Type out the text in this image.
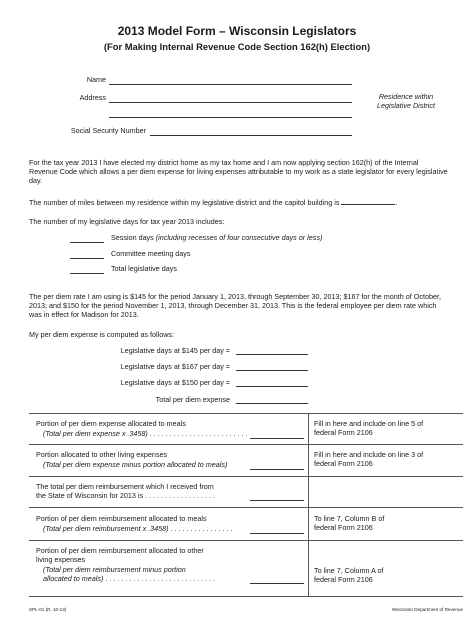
2013 Model Form – Wisconsin Legislators
(For Making Internal Revenue Code Section 162(h) Election)
Name
Address	Residence within
Legislative District
Social Security Number
For the tax year 2013 I have elected my district home as my tax home and I am now applying section 162(h) of the Internal Revenue Code which allows a per diem expense for living expenses attributable to my work as a state legislator for every legislative day.
The number of miles between my residence within my legislative district and the capitol building is	.
The number of my legislative days for tax year 2013 includes:
Session days (including recesses of four consecutive days or less)
Committee meeting days
Total legislative days
The per diem rate I am using is $145 for the period January 1, 2013, through September 30, 2013; $167 for the month of October, 2013; and $150 for the period November 1, 2013, through December 31, 2013. This is the federal employee per diem rate which was in effect for Madison for 2013.
My per diem expense is computed as follows:
Legislative days at $145 per day =
Legislative days at $167 per day =
Legislative days at $150 per day =
Total per diem expense
Portion of per diem expense allocated to meals
(Total per diem expense x .3458) . . . . . . . . . . . . . . . . . . . . . . . . .
Fill in here and include on line 5 of
federal Form 2106
Portion allocated to other living expenses
(Total per diem expense minus portion allocated to meals)
Fill in here and include on line 3 of
federal Form 2106
The total per diem reimbursement which I received from
the State of Wisconsin for 2013 is . . . . . . . . . . . . . . . . . .
Portion of per diem reimbursement allocated to meals
(Total per diem reimbursement x .3458) . . . . . . . . . . . . . . . .
To line 7, Column B of
federal Form 2106
Portion of per diem reimbursement allocated to other
living expenses
(Total per diem reimbursement minus portion
allocated to meals) . . . . . . . . . . . . . . . . . . . . . . . . . . . .
To line 7, Column A of
federal Form 2106
SPL-01 (R. 10-13)	Wisconsin Department of Revenue
